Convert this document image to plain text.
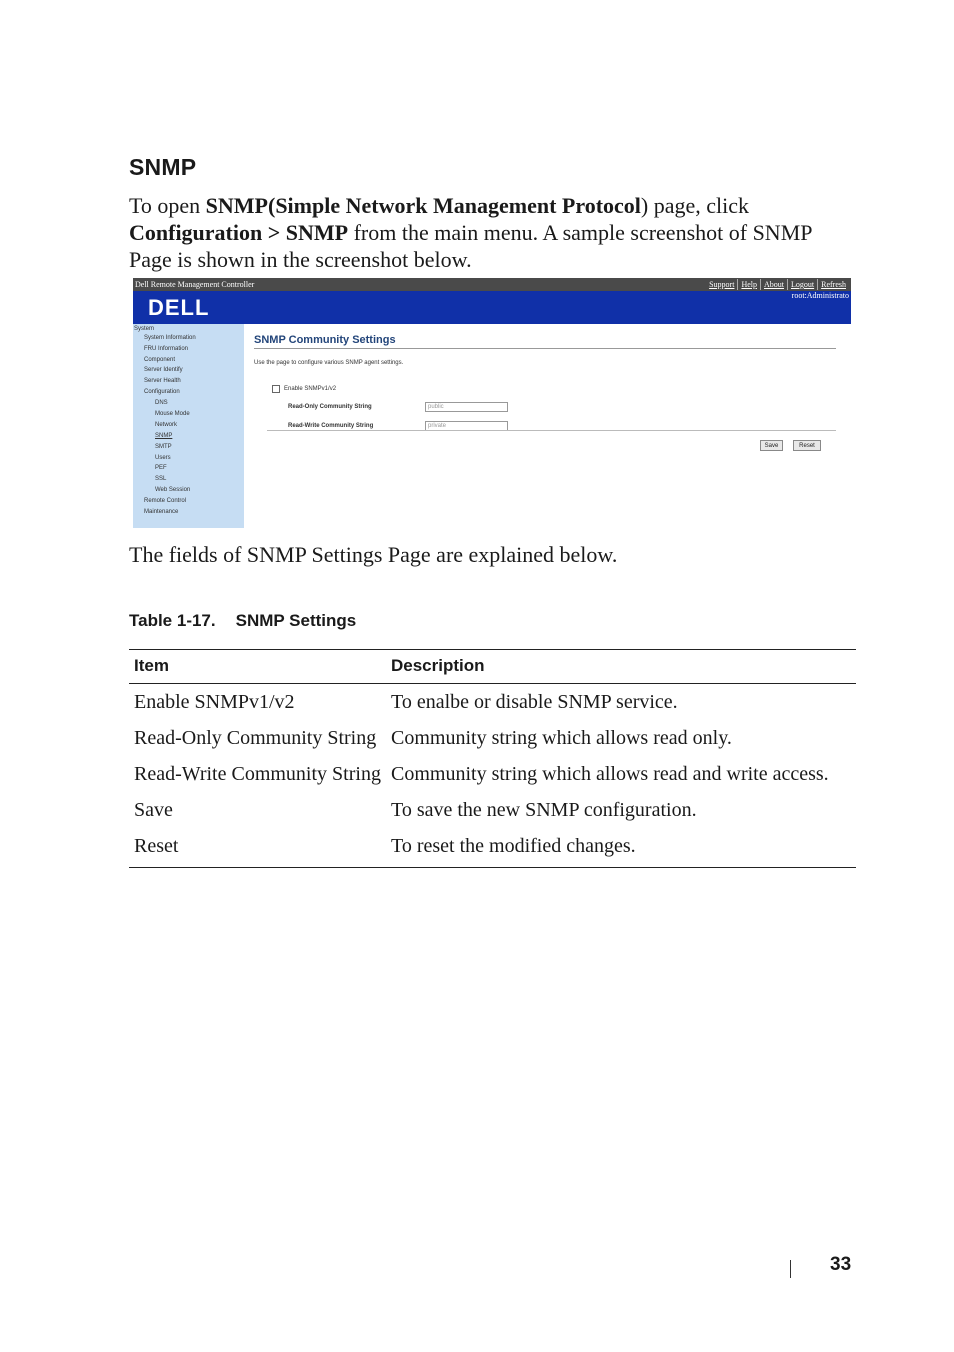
SNMP

To open SNMP(Simple Network Management Protocol) page, click Configuration > SNMP from the main menu. A sample screenshot of SNMP Page is shown in the screenshot below.

Dell Remote Management Controller	Support Help About Logout Refresh
DELL	root:Administrato
System
System Information
FRU Information
Component
Server Identify
Server Health
Configuration
DNS
Mouse Mode
Network
SNMP
SMTP
Users
PEF
SSL
Web Session
Remote Control
Maintenance
SNMP Community Settings
Use the page to configure various SNMP agent settings.
Enable SNMPv1/v2
Read-Only Community String	public
Read-Write Community String	private
Save	Reset

The fields of SNMP Settings Page are explained below.

Table 1-17. SNMP Settings

Item	Description
Enable SNMPv1/v2	To enalbe or disable SNMP service.
Read-Only Community String	Community string which allows read only.
Read-Write Community String	Community string which allows read and write access.
Save	To save the new SNMP configuration.
Reset	To reset the modified changes.
33
